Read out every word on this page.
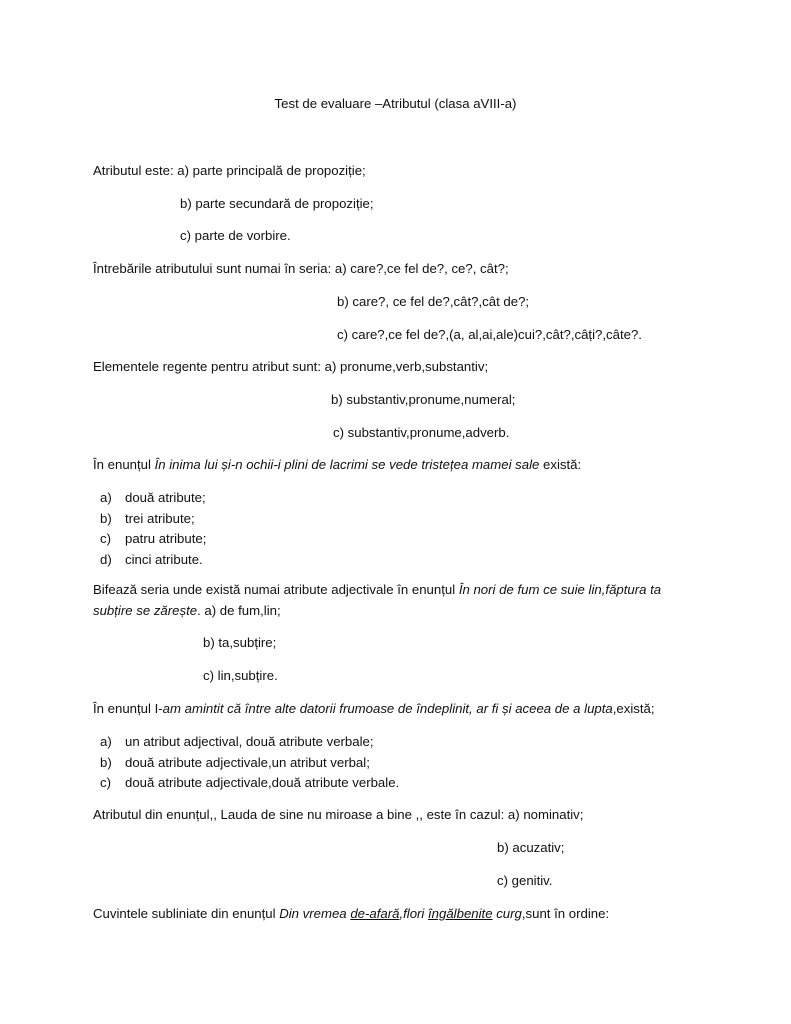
Test de evaluare –Atributul (clasa aVIII-a)
Atributul este: a) parte principală de propoziție;
b) parte secundară de propoziție;
c) parte de vorbire.
Întrebările atributului sunt numai în seria: a) care?,ce fel de?, ce?, cât?;
b) care?, ce fel de?,cât?,cât de?;
c) care?,ce fel de?,(a, al,ai,ale)cui?,cât?,câți?,câte?.
Elementele regente pentru atribut sunt: a) pronume,verb,substantiv;
b) substantiv,pronume,numeral;
c) substantiv,pronume,adverb.
În enunțul În inima lui și-n ochii-i plini de lacrimi se vede tristețea mamei sale există:
a) două atribute;
b) trei atribute;
c) patru atribute;
d) cinci atribute.
Bifează seria unde există numai atribute adjectivale în enunțul În nori de fum ce suie lin,făptura ta
subțire se zărește. a) de fum,lin;
b) ta,subțire;
c) lin,subțire.
În enunțul I-am amintit că între alte datorii frumoase de îndeplinit, ar fi și aceea de a lupta,există;
a) un atribut adjectival, două atribute verbale;
b) două atribute adjectivale,un atribut verbal;
c) două atribute adjectivale,două atribute verbale.
Atributul din enunțul,, Lauda de sine nu miroase a bine ,, este în cazul: a) nominativ;
b) acuzativ;
c) genitiv.
Cuvintele subliniate din enunțul Din vremea de-afară,flori îngălbenite curg,sunt în ordine:
